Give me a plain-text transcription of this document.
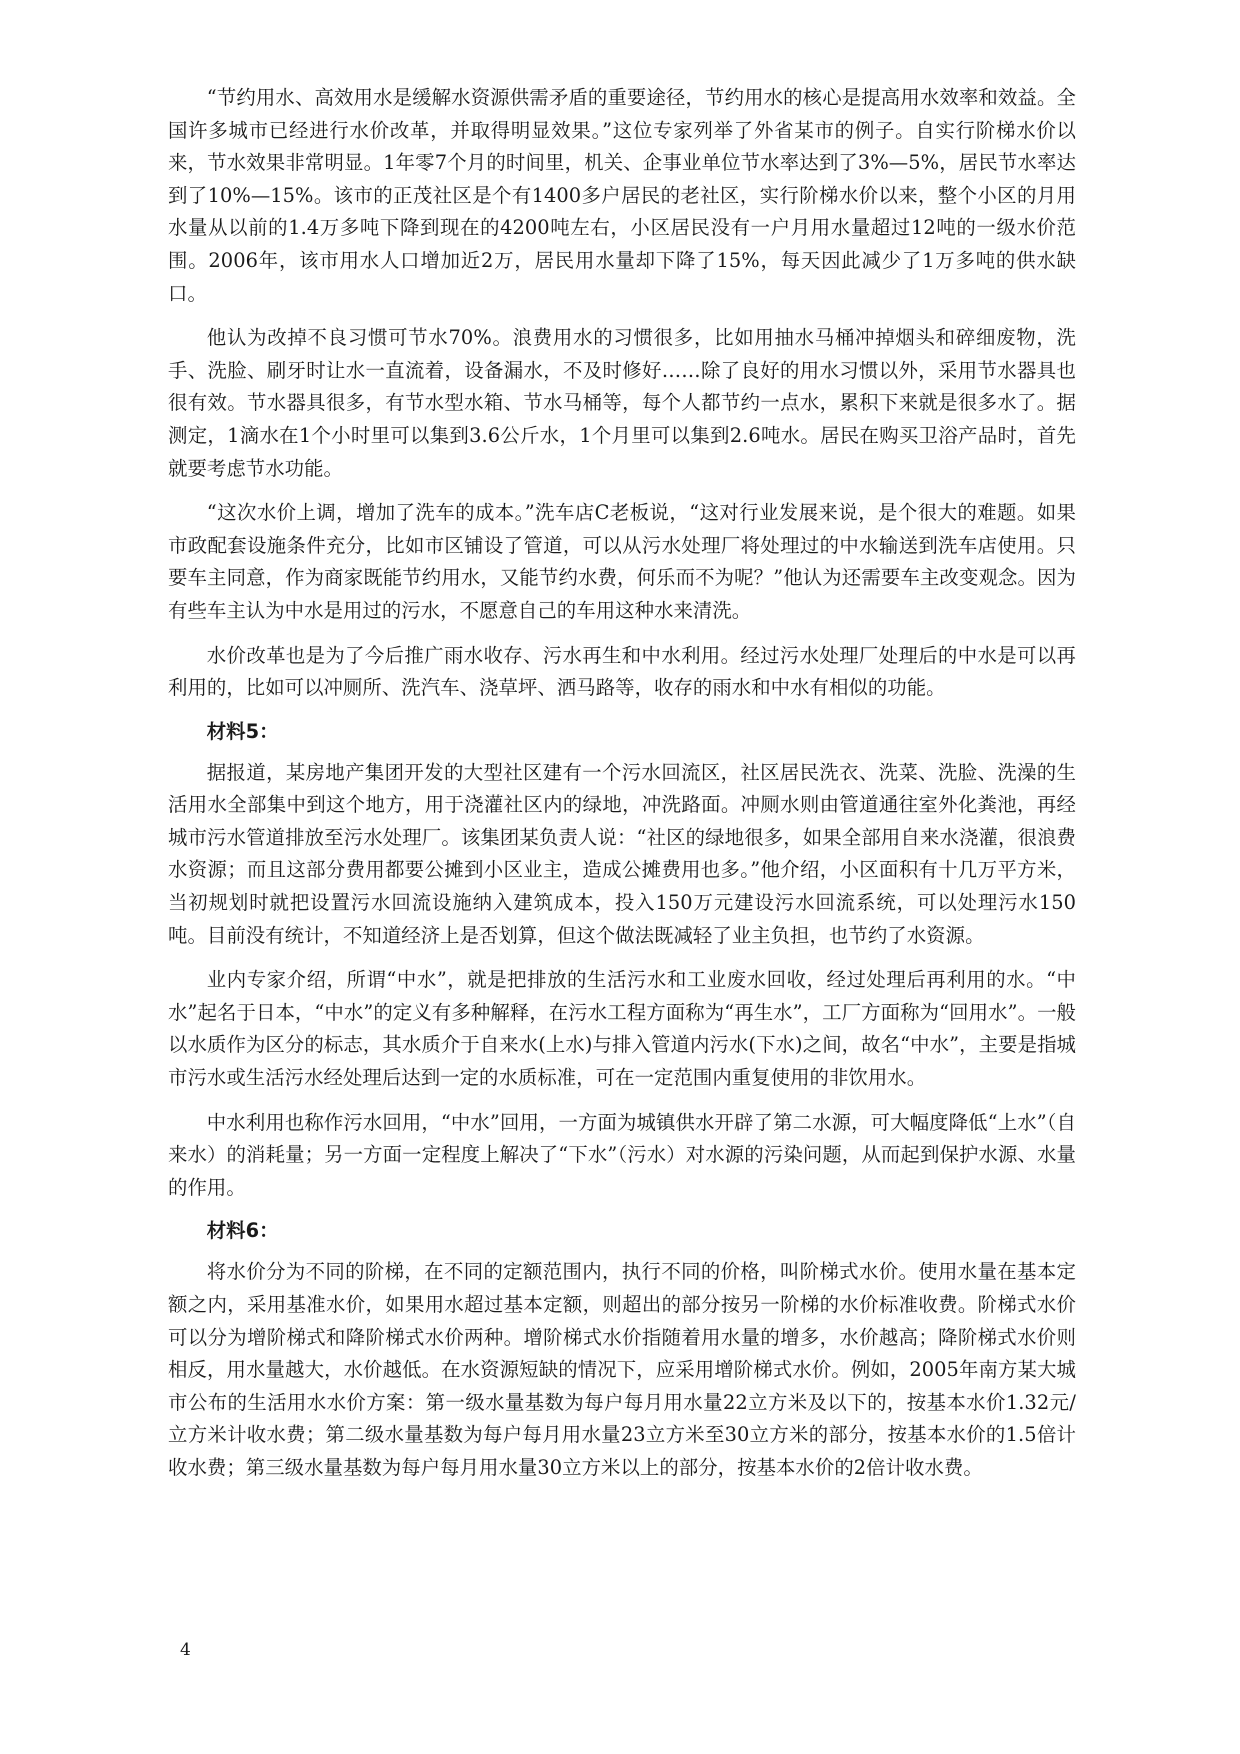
“节约用水、高效用水是缓解水资源供需矛盾的重要途径，节约用水的核心是提高用水效率和效益。全国许多城市已经进行水价改革，并取得明显效果。”这位专家列举了外省某市的例子。自实行阶梯水价以来，节水效果非常明显。1年零7个月的时间里，机关、企事业单位节水率达到了3%—5%，居民节水率达到了10%—15%。该市的正茂社区是个有1400多户居民的老社区，实行阶梯水价以来，整个小区的月用水量从以前的1.4万多吨下降到现在的4200吨左右，小区居民没有一户月用水量超过12吨的一级水价范围。2006年，该市用水人口增加近2万，居民用水量却下降了15%，每天因此减少了1万多吨的供水缺口。

他认为改掉不良习惯可节水70%。浪费用水的习惯很多，比如用抽水马桶冲掉烟头和碎细废物，洗手、洗脸、刷牙时让水一直流着，设备漏水，不及时修好……除了良好的用水习惯以外，采用节水器具也很有效。节水器具很多，有节水型水箱、节水马桶等，每个人都节约一点水，累积下来就是很多水了。据测定，1滴水在1个小时里可以集到3.6公斤水，1个月里可以集到2.6吨水。居民在购买卫浴产品时，首先就要考虑节水功能。

“这次水价上调，增加了洗车的成本。”洗车店C老板说，“这对行业发展来说，是个很大的难题。如果市政配套设施条件充分，比如市区铺设了管道，可以从污水处理厂将处理过的中水输送到洗车店使用。只要车主同意，作为商家既能节约用水，又能节约水费，何乐而不为呢？”他认为还需要车主改变观念。因为有些车主认为中水是用过的污水，不愿意自己的车用这种水来清洗。

水价改革也是为了今后推广雨水收存、污水再生和中水利用。经过污水处理厂处理后的中水是可以再利用的，比如可以冲厕所、洗汽车、浇草坪、洒马路等，收存的雨水和中水有相似的功能。

材料5：

据报道，某房地产集团开发的大型社区建有一个污水回流区，社区居民洗衣、洗菜、洗脸、洗澡的生活用水全部集中到这个地方，用于浇灌社区内的绿地，冲洗路面。冲厕水则由管道通往室外化粪池，再经城市污水管道排放至污水处理厂。该集团某负责人说：“社区的绿地很多，如果全部用自来水浇灌，很浪费水资源；而且这部分费用都要公摊到小区业主，造成公摊费用也多。”他介绍，小区面积有十几万平方米，当初规划时就把设置污水回流设施纳入建筑成本，投入150万元建设污水回流系统，可以处理污水150吨。目前没有统计，不知道经济上是否划算，但这个做法既减轻了业主负担，也节约了水资源。

业内专家介绍，所谓“中水”，就是把排放的生活污水和工业废水回收，经过处理后再利用的水。“中水”起名于日本，“中水”的定义有多种解释，在污水工程方面称为“再生水”，工厂方面称为“回用水”。一般以水质作为区分的标志，其水质介于自来水(上水)与排入管道内污水(下水)之间，故名“中水”，主要是指城市污水或生活污水经处理后达到一定的水质标准，可在一定范围内重复使用的非饮用水。

中水利用也称作污水回用，“中水”回用，一方面为城镇供水开辟了第二水源，可大幅度降低“上水”（自来水）的消耗量；另一方面一定程度上解决了“下水”（污水）对水源的污染问题，从而起到保护水源、水量的作用。

材料6：

将水价分为不同的阶梯，在不同的定额范围内，执行不同的价格，叫阶梯式水价。使用水量在基本定额之内，采用基准水价，如果用水超过基本定额，则超出的部分按另一阶梯的水价标准收费。阶梯式水价可以分为增阶梯式和降阶梯式水价两种。增阶梯式水价指随着用水量的增多，水价越高；降阶梯式水价则相反，用水量越大，水价越低。在水资源短缺的情况下，应采用增阶梯式水价。例如，2005年南方某大城市公布的生活用水水价方案：第一级水量基数为每户每月用水量22立方米及以下的，按基本水价1.32元/立方米计收水费；第二级水量基数为每户每月用水量23立方米至30立方米的部分，按基本水价的1.5倍计收水费；第三级水量基数为每户每月用水量30立方米以上的部分，按基本水价的2倍计收水费。

4
